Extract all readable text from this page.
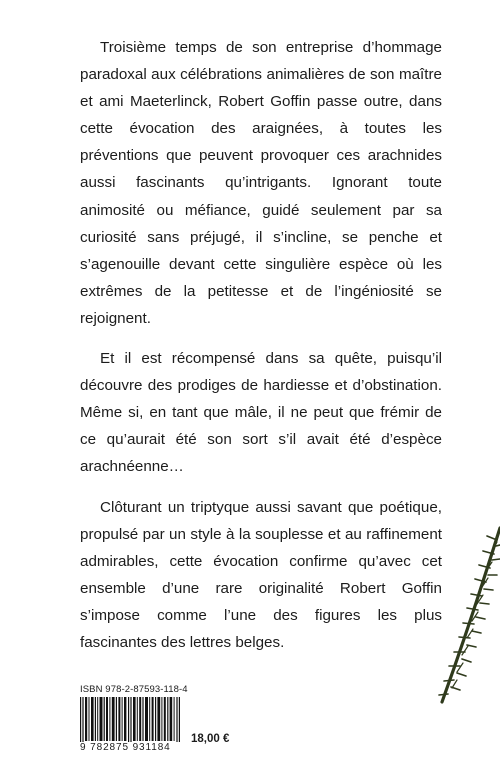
Troisième temps de son entreprise d’hommage paradoxal aux célébrations animalières de son maître et ami Maeterlinck, Robert Goffin passe outre, dans cette évocation des araignées, à toutes les préventions que peuvent provoquer ces arachnides aussi fascinants qu’intrigants. Ignorant toute animosité ou méfiance, guidé seulement par sa curiosité sans préjugé, il s’incline, se penche et s’agenouille devant cette singulière espèce où les extrêmes de la petitesse et de l’ingéniosité se rejoignent.

Et il est récompensé dans sa quête, puisqu’il découvre des prodiges de hardiesse et d’obstination. Même si, en tant que mâle, il ne peut que frémir de ce qu’aurait été son sort s’il avait été d’espèce arachnéenne…

Clôturant un triptyque aussi savant que poétique, propulsé par un style à la souplesse et au raffinement admirables, cette évocation confirme qu’avec cet ensemble d’une rare originalité Robert Goffin s’impose comme l’une des figures les plus fascinantes des lettres belges.

ISBN 978-2-87593-118-4
9 782875 931184
18,00 €
